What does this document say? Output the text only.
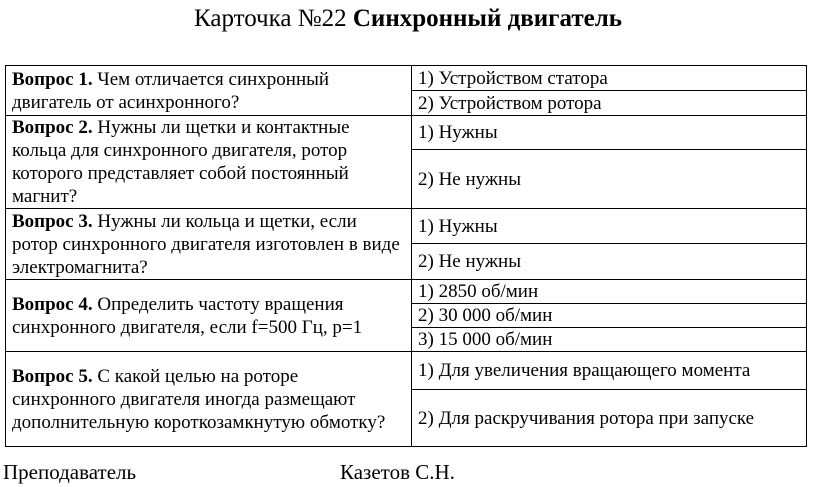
Карточка №22 Синхронный двигатель
Вопрос 1. Чем отличается синхронный двигатель от асинхронного?	1) Устройством статора
	2) Устройством ротора
Вопрос 2. Нужны ли щетки и контактные кольца для синхронного двигателя, ротор которого представляет собой постоянный магнит?	1) Нужны
	2) Не нужны
Вопрос 3. Нужны ли кольца и щетки, если ротор синхронного двигателя изготовлен в виде электромагнита?	1) Нужны
	2) Не нужны
Вопрос 4. Определить частоту вращения синхронного двигателя, если f=500 Гц, p=1	1) 2850 об/мин
	2) 30 000 об/мин
	3) 15 000 об/мин
Вопрос 5. С какой целью на роторе синхронного двигателя иногда размещают дополнительную короткозамкнутую обмотку?	1) Для увеличения вращающего момента
	2) Для раскручивания ротора при запуске
Преподаватель	Казетов С.Н.
